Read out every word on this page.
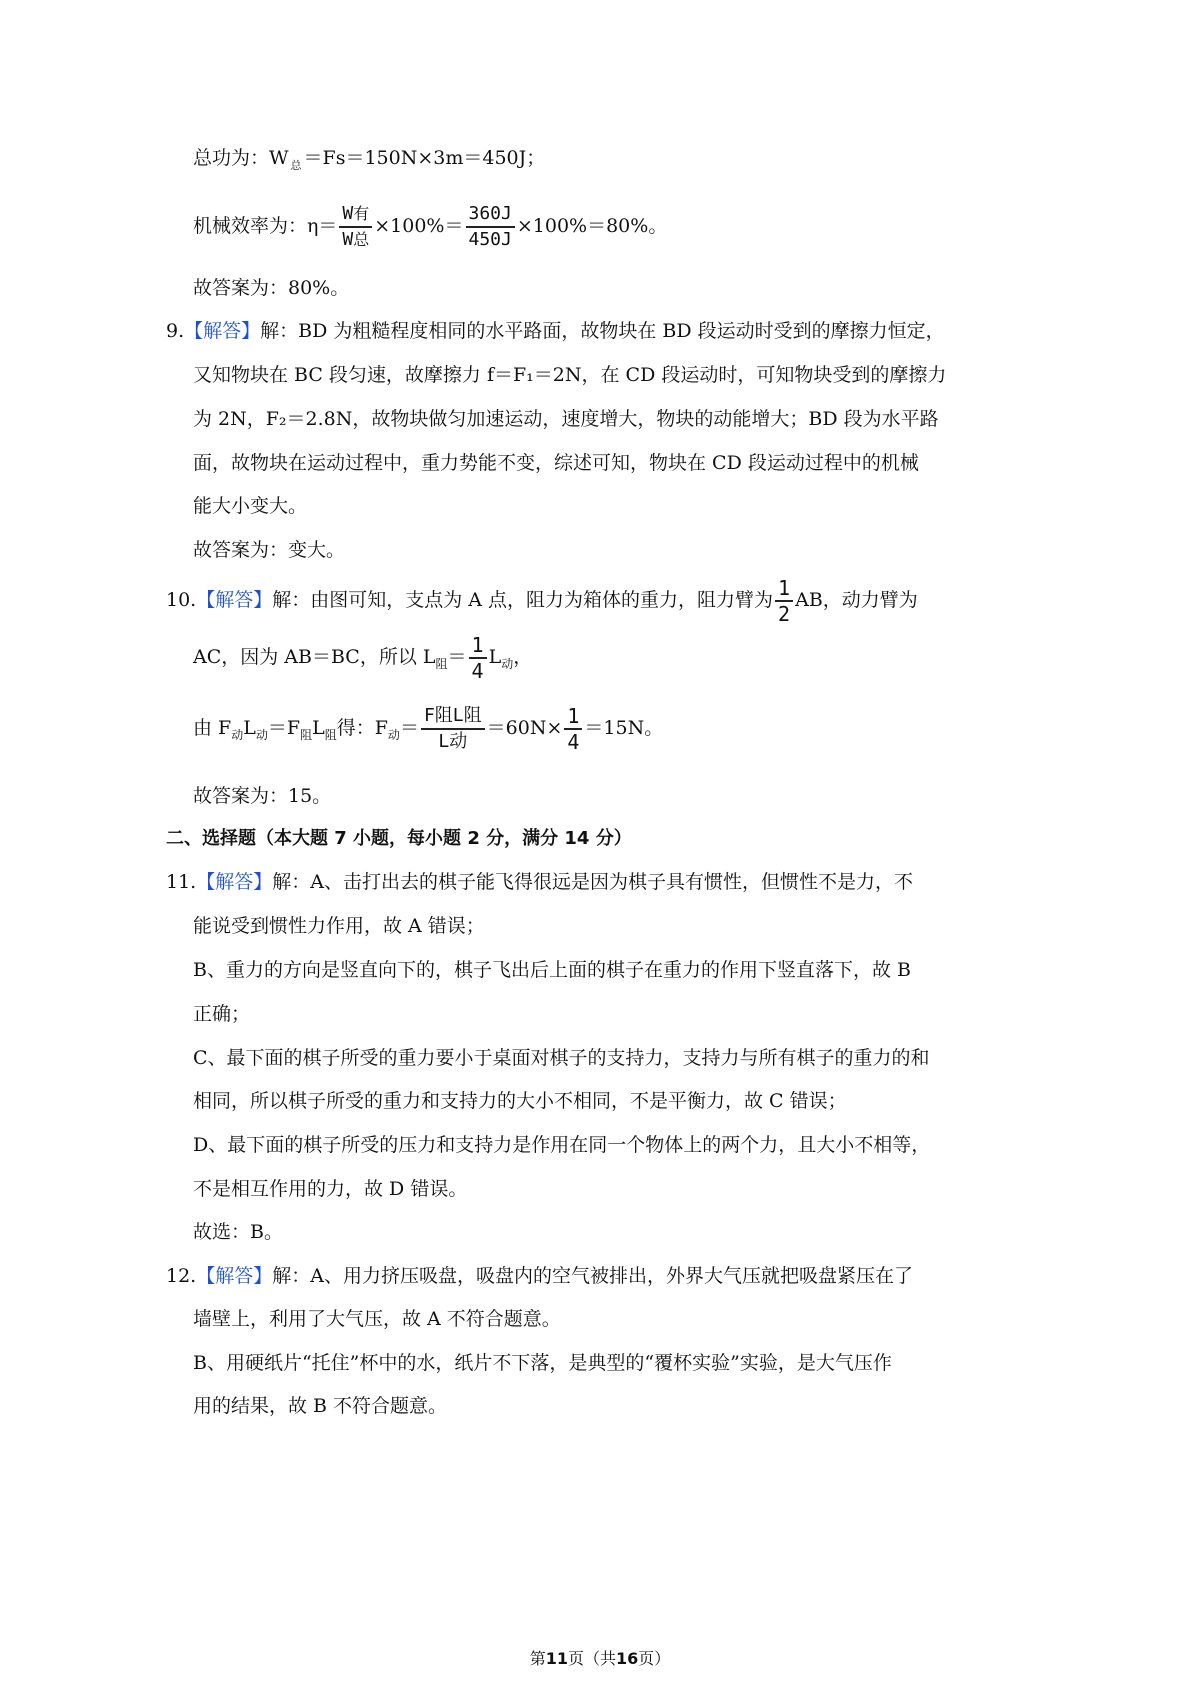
总功为：W $_总$ ＝Fs＝150N×3m＝450J；
机械效率为：$\eta= \frac{\text{W有}}{\text{W总}} \times 100\%= \frac{360J}{450J} \times 100\%=80\%$。
故答案为：80%。
9.【解答】解：BD 为粗糙程度相同的水平路面，故物块在 BD 段运动时受到的摩擦力恒定，
又知物块在 BC 段匀速，故摩擦力 f＝F₁＝2N，在 CD 段运动时，可知物块受到的摩擦力
为 2N，F₂＝2.8N，故物块做匀加速运动，速度增大，物块的动能增大；BD 段为水平路
面，故物块在运动过程中，重力势能不变，综述可知，物块在 CD 段运动过程中的机械
能大小变大。
故答案为：变大。
10.【解答】解：由图可知，支点为 A 点，阻力为箱体的重力，阻力臂为 $\frac{1}{2}$ AB，动力臂为
AC，因为 AB＝BC，所以 $L_阻= \frac{1}{4} L_动$，
由 $F_动L_动=F_阻L_阻$得：$F_动= \frac{\text{F阻L阻}}{\text{L动}} =60N\times \frac{1}{4} =15N$。
故答案为：15。
二、选择题（本大题 7 小题，每小题 2 分，满分 14 分）
11.【解答】解：A、击打出去的棋子能飞得很远是因为棋子具有惯性，但惯性不是力，不
能说受到惯性力作用，故 A 错误；
B、重力的方向是竖直向下的，棋子飞出后上面的棋子在重力的作用下竖直落下，故 B
正确；
C、最下面的棋子所受的重力要小于桌面对棋子的支持力，支持力与所有棋子的重力的和
相同，所以棋子所受的重力和支持力的大小不相同，不是平衡力，故 C 错误；
D、最下面的棋子所受的压力和支持力是作用在同一个物体上的两个力，且大小不相等，
不是相互作用的力，故 D 错误。
故选：B。
12.【解答】解：A、用力挤压吸盘，吸盘内的空气被排出，外界大气压就把吸盘紧压在了
墙壁上，利用了大气压，故 A 不符合题意。
B、用硬纸片“托住”杯中的水，纸片不下落，是典型的“覆杯实验”实验，是大气压作
用的结果，故 B 不符合题意。
第11页（共16页）
